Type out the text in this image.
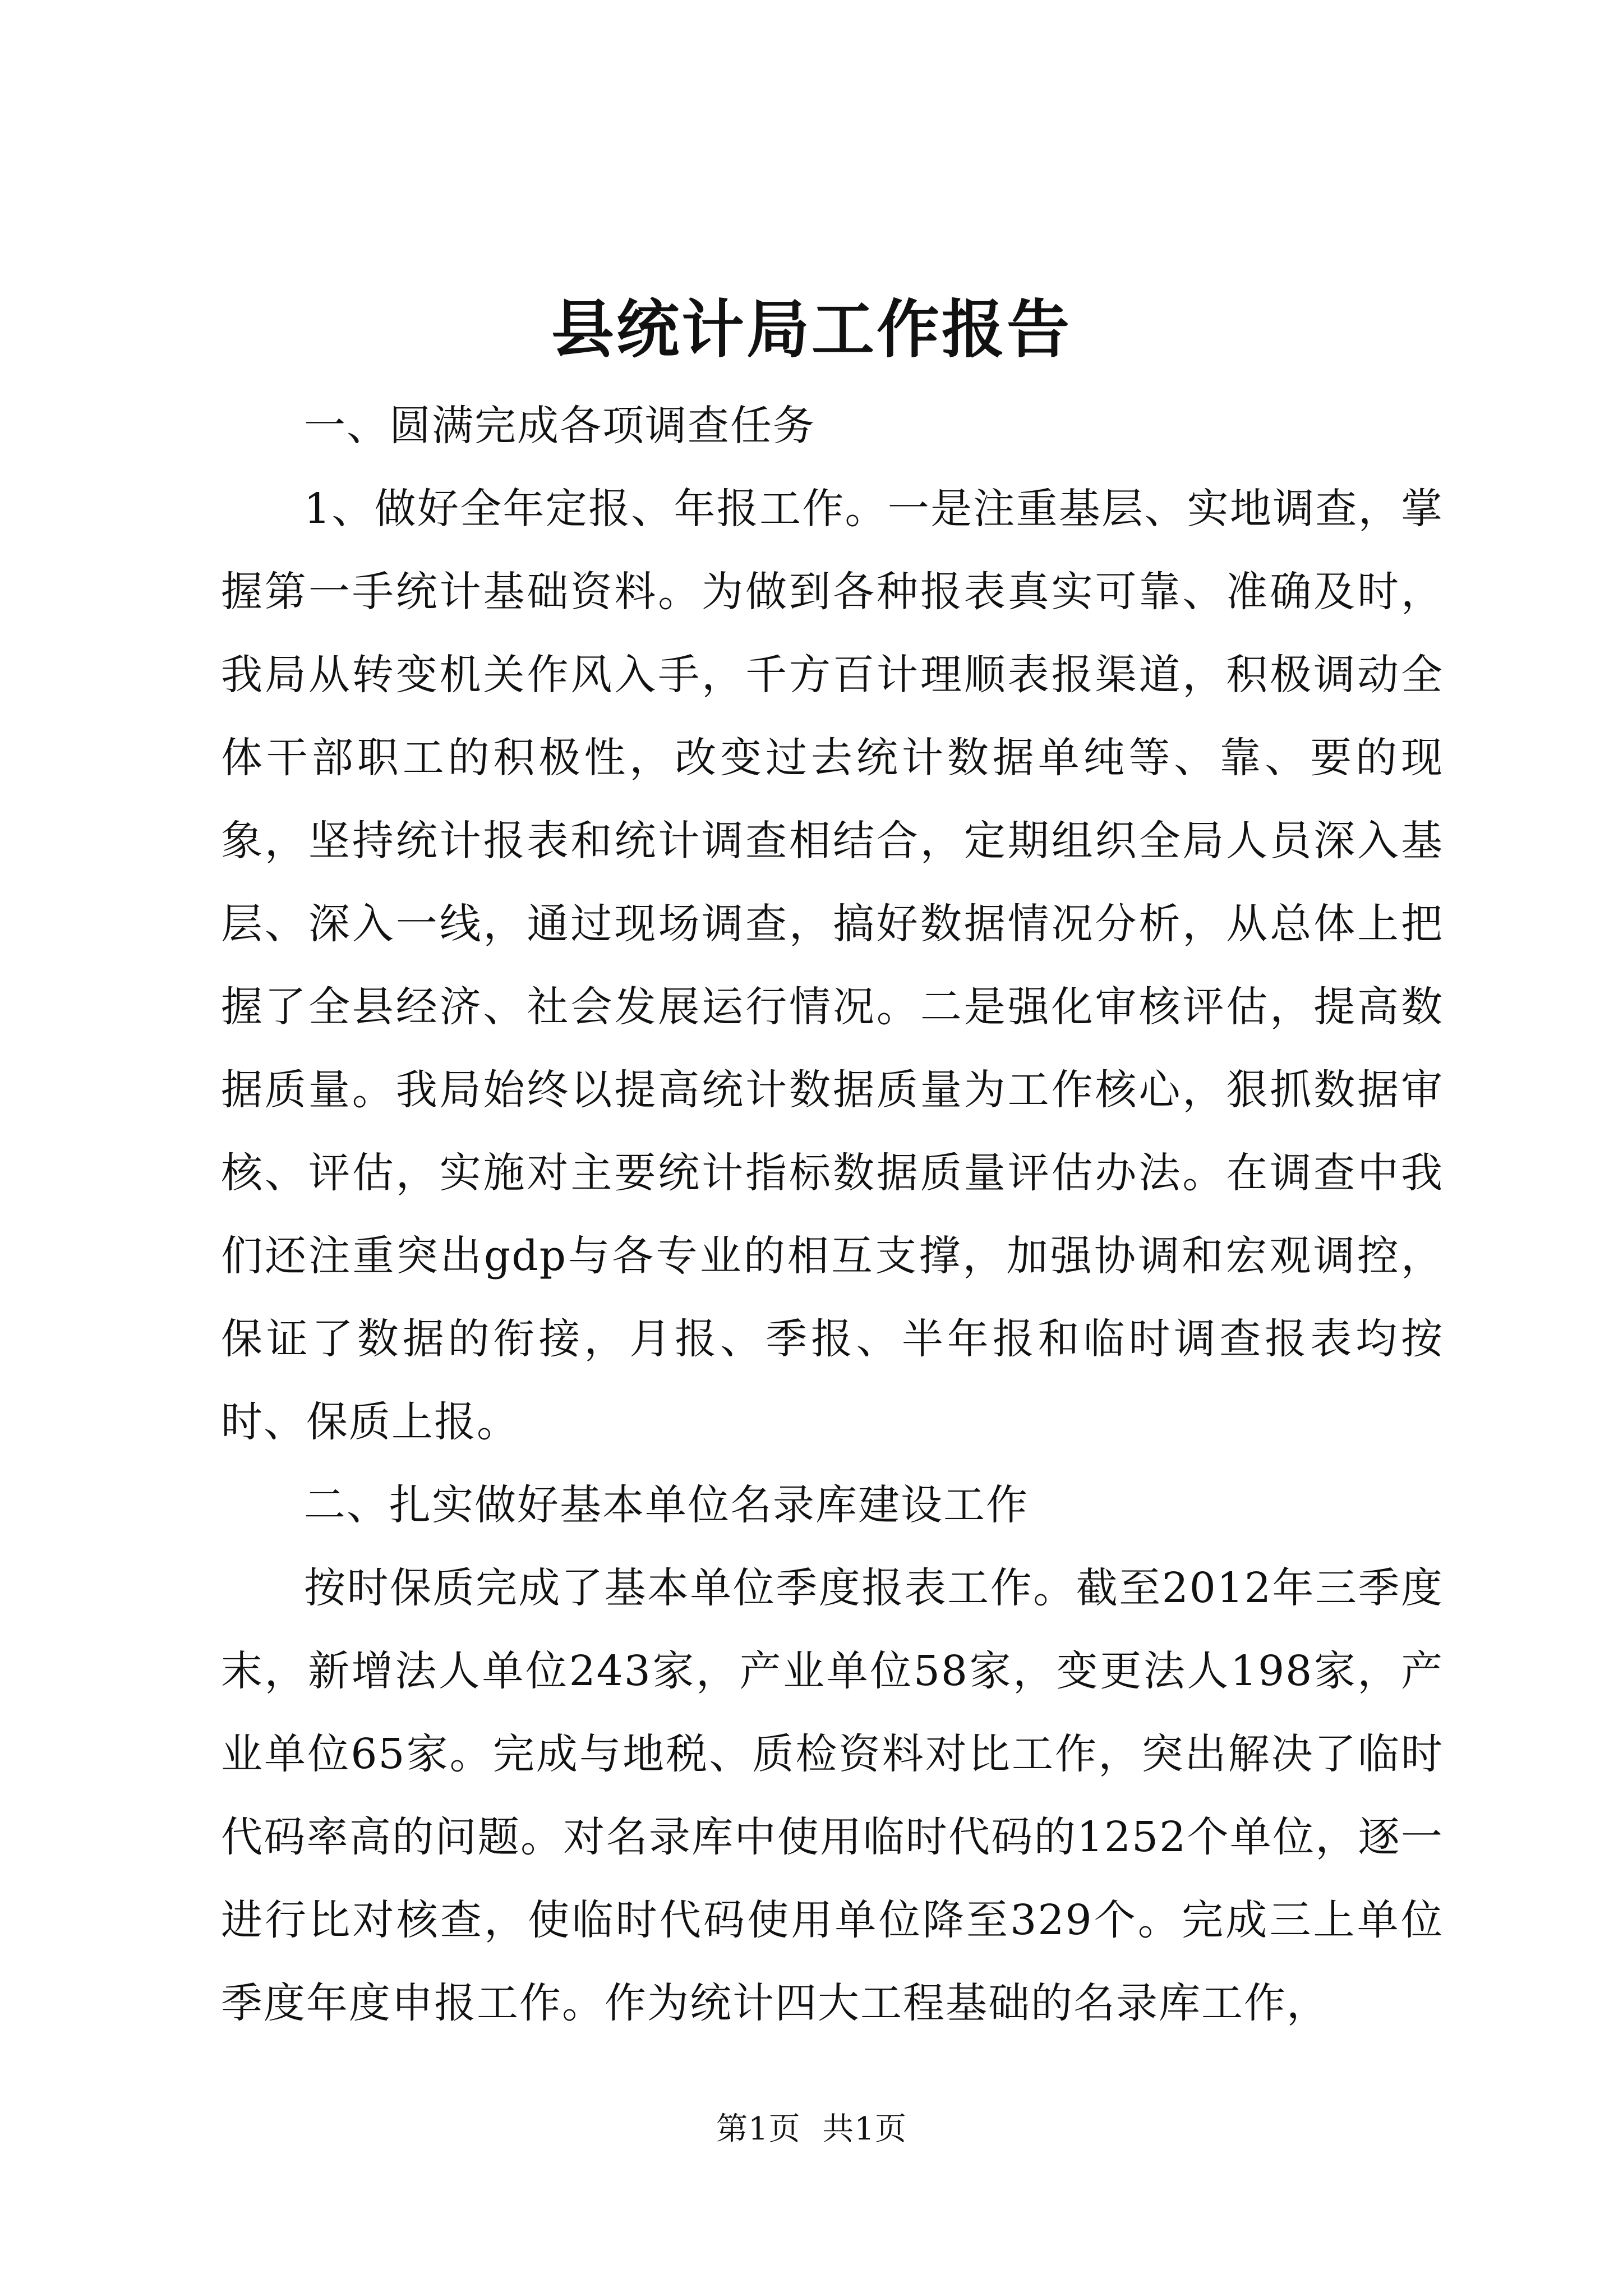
县统计局工作报告

一、圆满完成各项调查任务

1、做好全年定报、年报工作。一是注重基层、实地调查，掌握第一手统计基础资料。为做到各种报表真实可靠、准确及时，我局从转变机关作风入手，千方百计理顺表报渠道，积极调动全体干部职工的积极性，改变过去统计数据单纯等、靠、要的现象，坚持统计报表和统计调查相结合，定期组织全局人员深入基层、深入一线，通过现场调查，搞好数据情况分析，从总体上把握了全县经济、社会发展运行情况。二是强化审核评估，提高数据质量。我局始终以提高统计数据质量为工作核心，狠抓数据审核、评估，实施对主要统计指标数据质量评估办法。在调查中我们还注重突出gdp与各专业的相互支撑，加强协调和宏观调控，保证了数据的衔接，月报、季报、半年报和临时调查报表均按时、保质上报。

二、扎实做好基本单位名录库建设工作

按时保质完成了基本单位季度报表工作。截至2012年三季度末，新增法人单位243家，产业单位58家，变更法人198家，产业单位65家。完成与地税、质检资料对比工作，突出解决了临时代码率高的问题。对名录库中使用临时代码的1252个单位，逐一进行比对核查，使临时代码使用单位降至329个。完成三上单位季度年度申报工作。作为统计四大工程基础的名录库工作，

第1页 共1页
